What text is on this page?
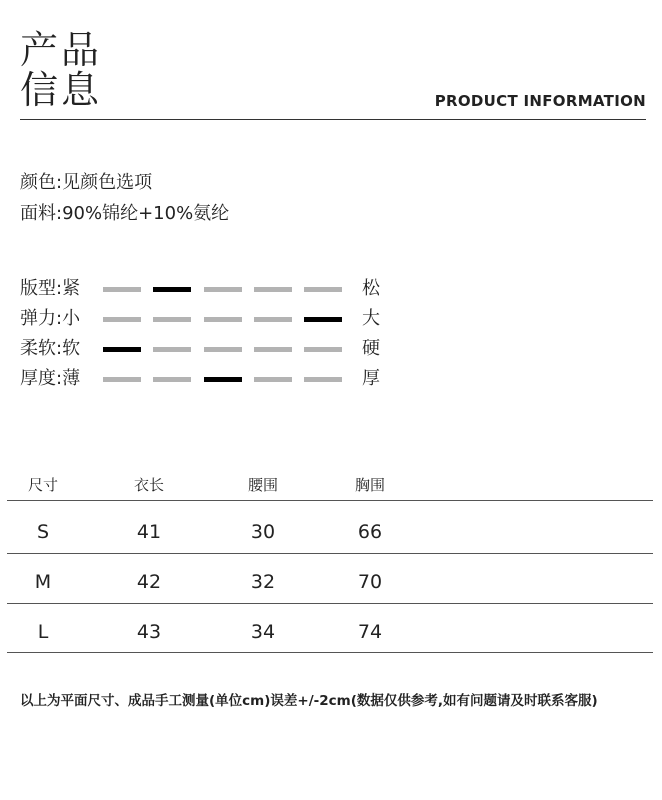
产品
信息	PRODUCT INFORMATION
颜色:见颜色选项
面料:90%锦纶+10%氨纶
版型:紧	松
弹力:小	大
柔软:软	硬
厚度:薄	厚
尺寸	衣长	腰围	胸围
S	41	30	66
M	42	32	70
L	43	34	74
以上为平面尺寸、成品手工测量(单位cm)误差+/-2cm(数据仅供参考,如有问题请及时联系客服)
